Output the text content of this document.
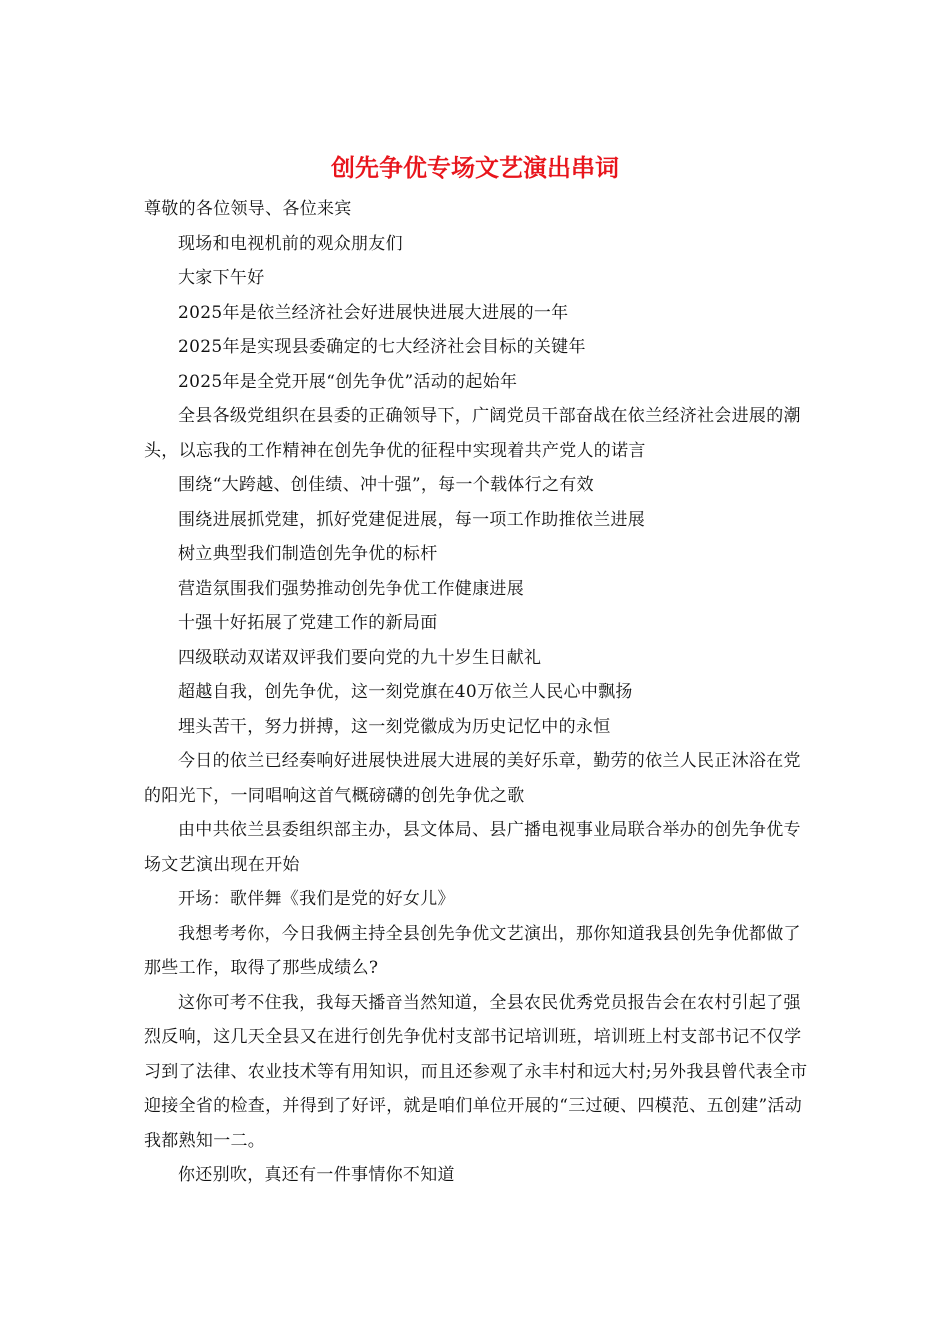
创先争优专场文艺演出串词

尊敬的各位领导、各位来宾

现场和电视机前的观众朋友们

大家下午好

2025年是依兰经济社会好进展快进展大进展的一年

2025年是实现县委确定的七大经济社会目标的关键年

2025年是全党开展“创先争优”活动的起始年

全县各级党组织在县委的正确领导下，广阔党员干部奋战在依兰经济社会进展的潮头，以忘我的工作精神在创先争优的征程中实现着共产党人的诺言

围绕“大跨越、创佳绩、冲十强”，每一个载体行之有效

围绕进展抓党建，抓好党建促进展，每一项工作助推依兰进展

树立典型我们制造创先争优的标杆

营造氛围我们强势推动创先争优工作健康进展

十强十好拓展了党建工作的新局面

四级联动双诺双评我们要向党的九十岁生日献礼

超越自我，创先争优，这一刻党旗在40万依兰人民心中飘扬

埋头苦干，努力拼搏，这一刻党徽成为历史记忆中的永恒

今日的依兰已经奏响好进展快进展大进展的美好乐章，勤劳的依兰人民正沐浴在党的阳光下，一同唱响这首气概磅礴的创先争优之歌

由中共依兰县委组织部主办，县文体局、县广播电视事业局联合举办的创先争优专场文艺演出现在开始

开场：歌伴舞《我们是党的好女儿》

我想考考你，今日我俩主持全县创先争优文艺演出，那你知道我县创先争优都做了那些工作，取得了那些成绩么?

这你可考不住我，我每天播音当然知道，全县农民优秀党员报告会在农村引起了强烈反响，这几天全县又在进行创先争优村支部书记培训班，培训班上村支部书记不仅学习到了法律、农业技术等有用知识，而且还参观了永丰村和远大村;另外我县曾代表全市迎接全省的检查，并得到了好评，就是咱们单位开展的“三过硬、四模范、五创建”活动我都熟知一二。

你还别吹，真还有一件事情你不知道
